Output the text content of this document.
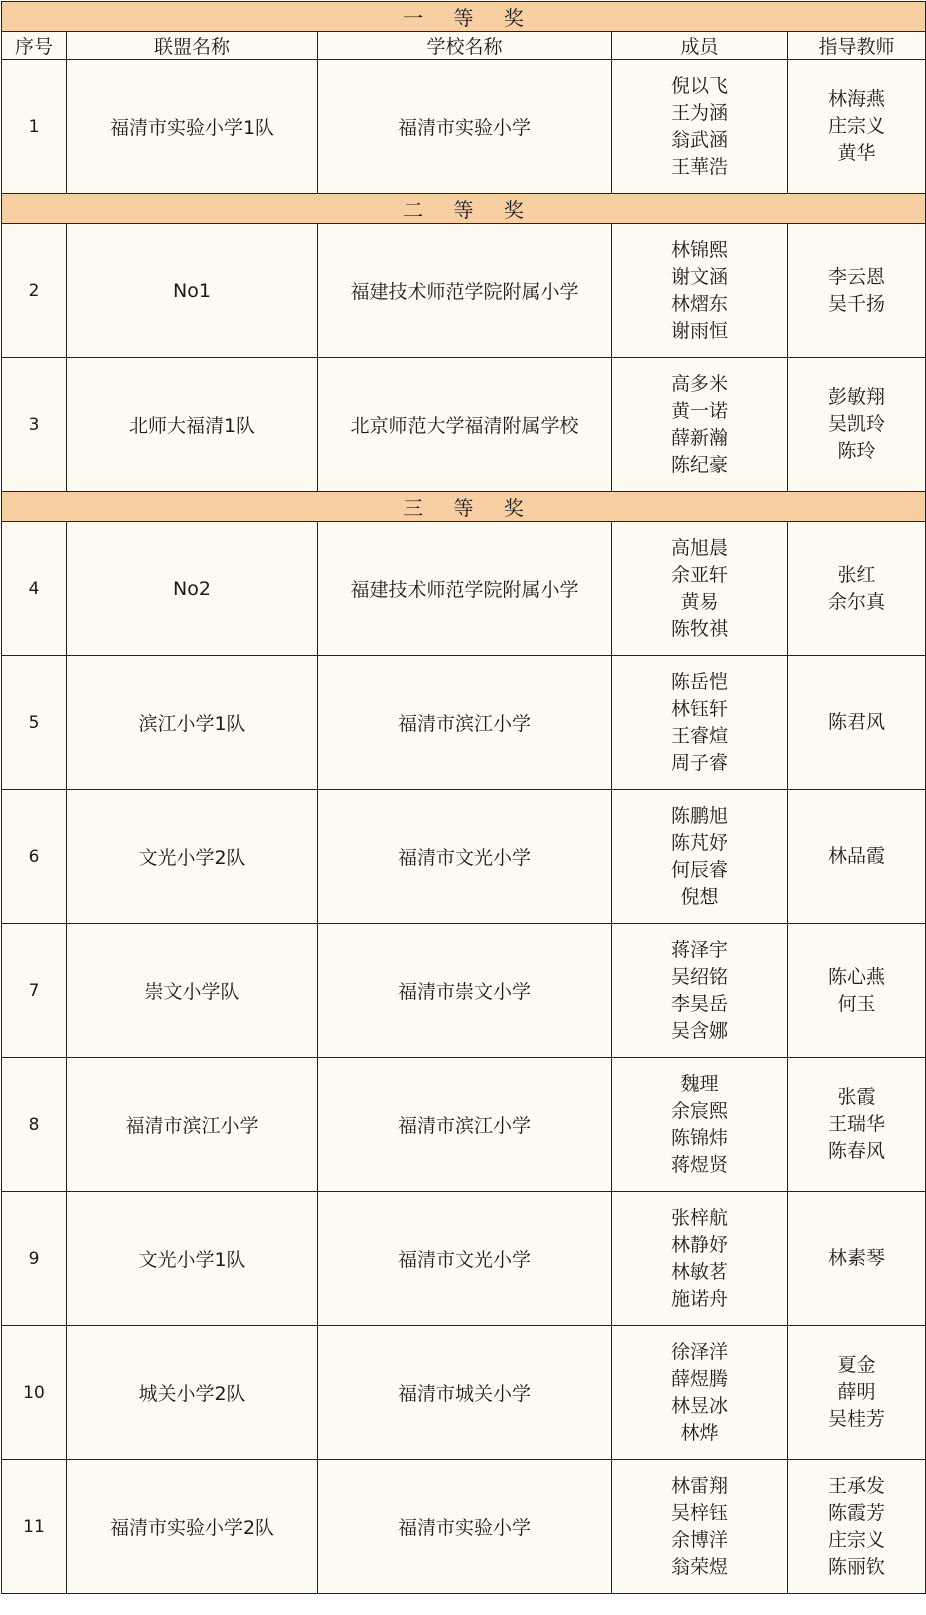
一 等 奖				
序号	联盟名称	学校名称	成员	指导教师
1	福清市实验小学1队	福清市实验小学	倪以飞
王为涵
翁武涵
王華浩	林海燕
庄宗义
黄华

二 等 奖				
2	No1	福建技术师范学院附属小学	林锦熙
谢文涵
林熠东
谢雨恒	李云恩
吴千扬

3	北师大福清1队	北京师范大学福清附属学校	高多米
黄一诺
薛新瀚
陈纪豪	彭敏翔
吴凯玲
陈玲

三 等 奖				
4	No2	福建技术师范学院附属小学	高旭晨
余亚轩
黄易
陈牧祺	张红
余尔真

5	滨江小学1队	福清市滨江小学	陈岳恺
林钰轩
王睿煊
周子睿	陈君风

6	文光小学2队	福清市文光小学	陈鹏旭
陈芃妤
何辰睿
倪想	林品霞

7	崇文小学队	福清市崇文小学	蒋泽宇
吴绍铭
李昊岳
吴含娜	陈心燕
何玉

8	福清市滨江小学	福清市滨江小学	魏理
余宸熙
陈锦炜
蒋煜贤	张霞
王瑞华
陈春风

9	文光小学1队	福清市文光小学	张梓航
林静妤
林敏茗
施诺舟	林素琴

10	城关小学2队	福清市城关小学	徐泽洋
薛煜腾
林昱冰
林烨	夏金
薛明
吴桂芳

11	福清市实验小学2队	福清市实验小学	林雷翔
吴梓钰
余博洋
翁荣煜	王承发
陈霞芳
庄宗义
陈丽钦
